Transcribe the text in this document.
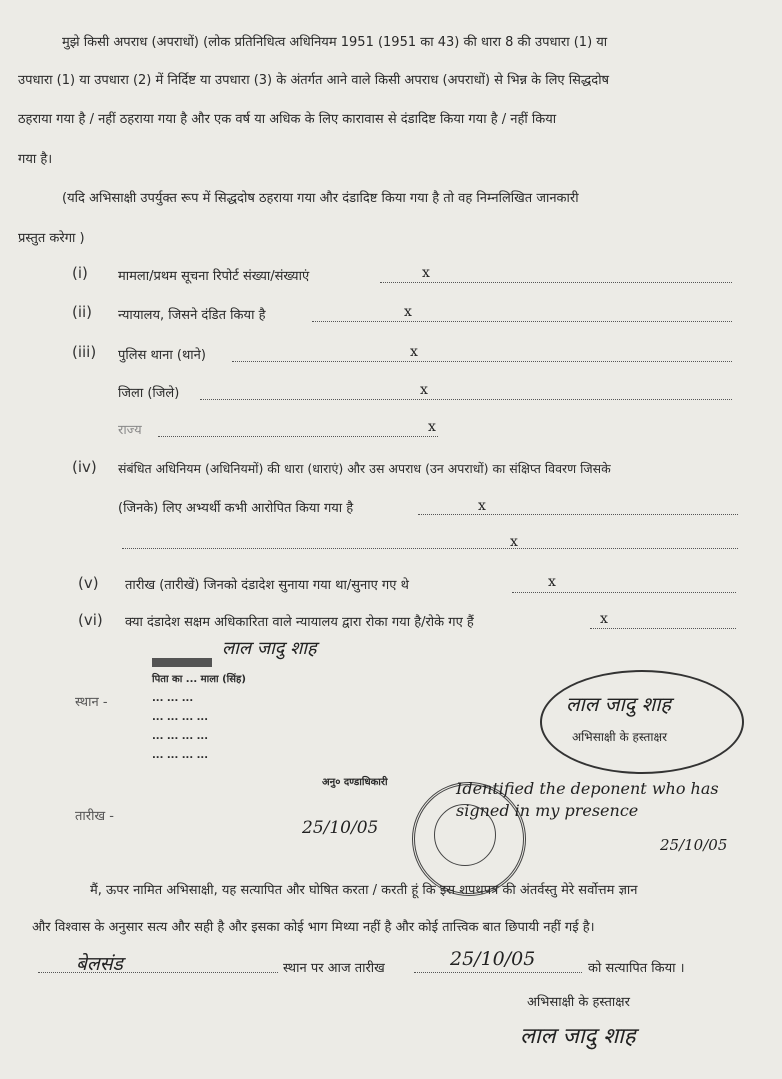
मुझे किसी अपराध (अपराधों) (लोक प्रतिनिधित्व अधिनियम 1951 (1951 का 43) की धारा 8 की उपधारा (1) या
उपधारा (1) या उपधारा (2) में निर्दिष्ट या उपधारा (3) के अंतर्गत आने वाले किसी अपराध (अपराधों) से भिन्न के लिए सिद्धदोष
ठहराया गया है / नहीं ठहराया गया है और एक वर्ष या अधिक के लिए कारावास से दंडादिष्ट किया गया है / नहीं किया
गया है।
(यदि अभिसाक्षी उपर्युक्त रूप में सिद्धदोष ठहराया गया और दंडादिष्ट किया गया है तो वह निम्नलिखित जानकारी
प्रस्तुत करेगा )
(i) मामला/प्रथम सूचना रिपोर्ट संख्या/संख्याएं	x
(ii) न्यायालय, जिसने दंडित किया है	x
(iii) पुलिस थाना (थाने)	x
जिला (जिले)	x
राज्य	x
(iv) संबंधित अधिनियम (अधिनियमों) की धारा (धाराएं) और उस अपराध (उन अपराधों) का संक्षिप्त विवरण जिसके
(जिनके) लिए अभ्यर्थी कभी आरोपित किया गया है	x
x
(v) तारीख (तारीखें) जिनको दंडादेश सुनाया गया था/सुनाए गए थे	x
(vi) क्या दंडादेश सक्षम अधिकारिता वाले न्यायालय द्वारा रोका गया है/रोके गए हैं	x
लाल जादु शाह
पिता का ... माला (सिंह)
... ... ...
... ... ... ...
... ... ... ...
... ... ... ...
अनु० दण्डाधिकारी
स्थान -
तारीख -
25/10/05
लाल जादु शाह
अभिसाक्षी के हस्ताक्षर
Identified the deponent who has signed in my presence
25/10/05
मैं, ऊपर नामित अभिसाक्षी, यह सत्यापित और घोषित करता / करती हूं कि इस शपथपत्र की अंतर्वस्तु मेरे सर्वोत्तम ज्ञान
और विश्वास के अनुसार सत्य और सही है और इसका कोई भाग मिथ्या नहीं है और कोई तात्त्विक बात छिपायी नहीं गई है।
बेलसंड	स्थान पर आज तारीख	25/10/05	को सत्यापित किया ।
अभिसाक्षी के हस्ताक्षर
लाल जादु शाह
